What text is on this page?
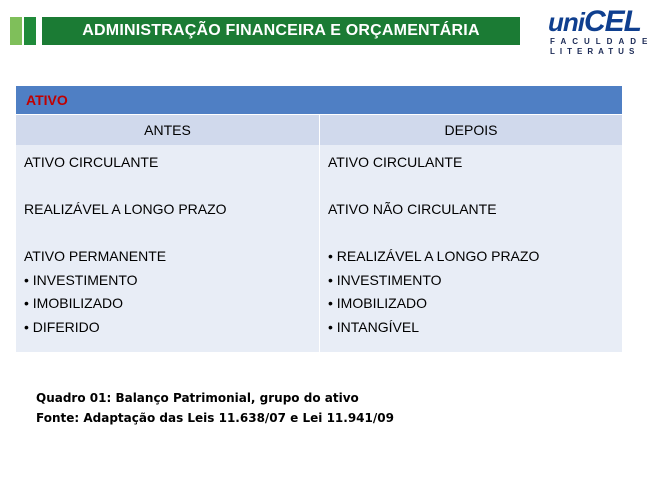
ADMINISTRAÇÃO FINANCEIRA E ORÇAMENTÁRIA	uniCEL
FACULDADE
LITERATUS
ATIVO
ANTES	DEPOIS
ATIVO CIRCULANTE
REALIZÁVEL A LONGO PRAZO
ATIVO PERMANENTE
• INVESTIMENTO
• IMOBILIZADO
• DIFERIDO
ATIVO CIRCULANTE
ATIVO NÃO CIRCULANTE
• REALIZÁVEL A LONGO PRAZO
• INVESTIMENTO
• IMOBILIZADO
• INTANGÍVEL
Quadro 01: Balanço Patrimonial, grupo do ativo
Fonte: Adaptação das Leis 11.638/07 e Lei 11.941/09
